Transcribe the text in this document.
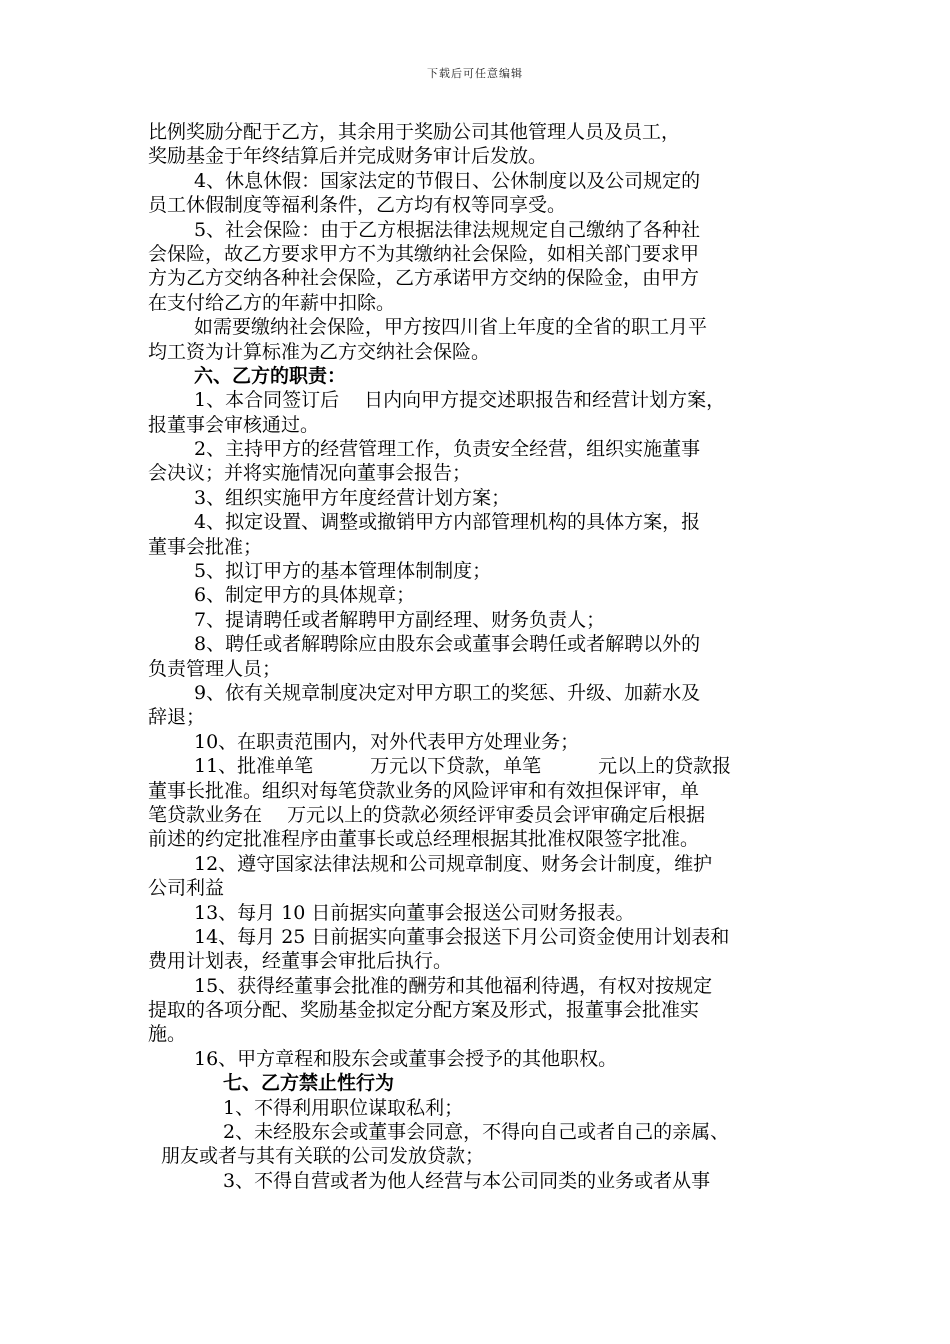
下载后可任意编辑
比例奖励分配于乙方，其余用于奖励公司其他管理人员及员工，
奖励基金于年终结算后并完成财务审计后发放。
4、休息休假：国家法定的节假日、公休制度以及公司规定的
员工休假制度等福利条件，乙方均有权等同享受。
5、社会保险：由于乙方根据法律法规规定自己缴纳了各种社
会保险，故乙方要求甲方不为其缴纳社会保险，如相关部门要求甲
方为乙方交纳各种社会保险，乙方承诺甲方交纳的保险金，由甲方
在支付给乙方的年薪中扣除。
如需要缴纳社会保险，甲方按四川省上年度的全省的职工月平
均工资为计算标准为乙方交纳社会保险。
六、乙方的职责：
1、本合同签订后　 日内向甲方提交述职报告和经营计划方案，
报董事会审核通过。
2、主持甲方的经营管理工作，负责安全经营，组织实施董事
会决议；并将实施情况向董事会报告；
3、组织实施甲方年度经营计划方案；
4、拟定设置、调整或撤销甲方内部管理机构的具体方案，报
董事会批准；
5、拟订甲方的基本管理体制制度；
6、制定甲方的具体规章；
7、提请聘任或者解聘甲方副经理、财务负责人；
8、聘任或者解聘除应由股东会或董事会聘任或者解聘以外的
负责管理人员；
9、依有关规章制度决定对甲方职工的奖惩、升级、加薪水及
辞退；
10、在职责范围内，对外代表甲方处理业务；
11、批准单笔　　　万元以下贷款，单笔　　　元以上的贷款报
董事长批准。组织对每笔贷款业务的风险评审和有效担保评审，单
笔贷款业务在　 万元以上的贷款必须经评审委员会评审确定后根据
前述的约定批准程序由董事长或总经理根据其批准权限签字批准。
12、遵守国家法律法规和公司规章制度、财务会计制度，维护
公司利益
13、每月 10 日前据实向董事会报送公司财务报表。
14、每月 25 日前据实向董事会报送下月公司资金使用计划表和
费用计划表，经董事会审批后执行。
15、获得经董事会批准的酬劳和其他福利待遇，有权对按规定
提取的各项分配、奖励基金拟定分配方案及形式，报董事会批准实
施。
16、甲方章程和股东会或董事会授予的其他职权。
七、乙方禁止性行为
1、不得利用职位谋取私利；
2、未经股东会或董事会同意，不得向自己或者自己的亲属、
朋友或者与其有关联的公司发放贷款；
3、不得自营或者为他人经营与本公司同类的业务或者从事
